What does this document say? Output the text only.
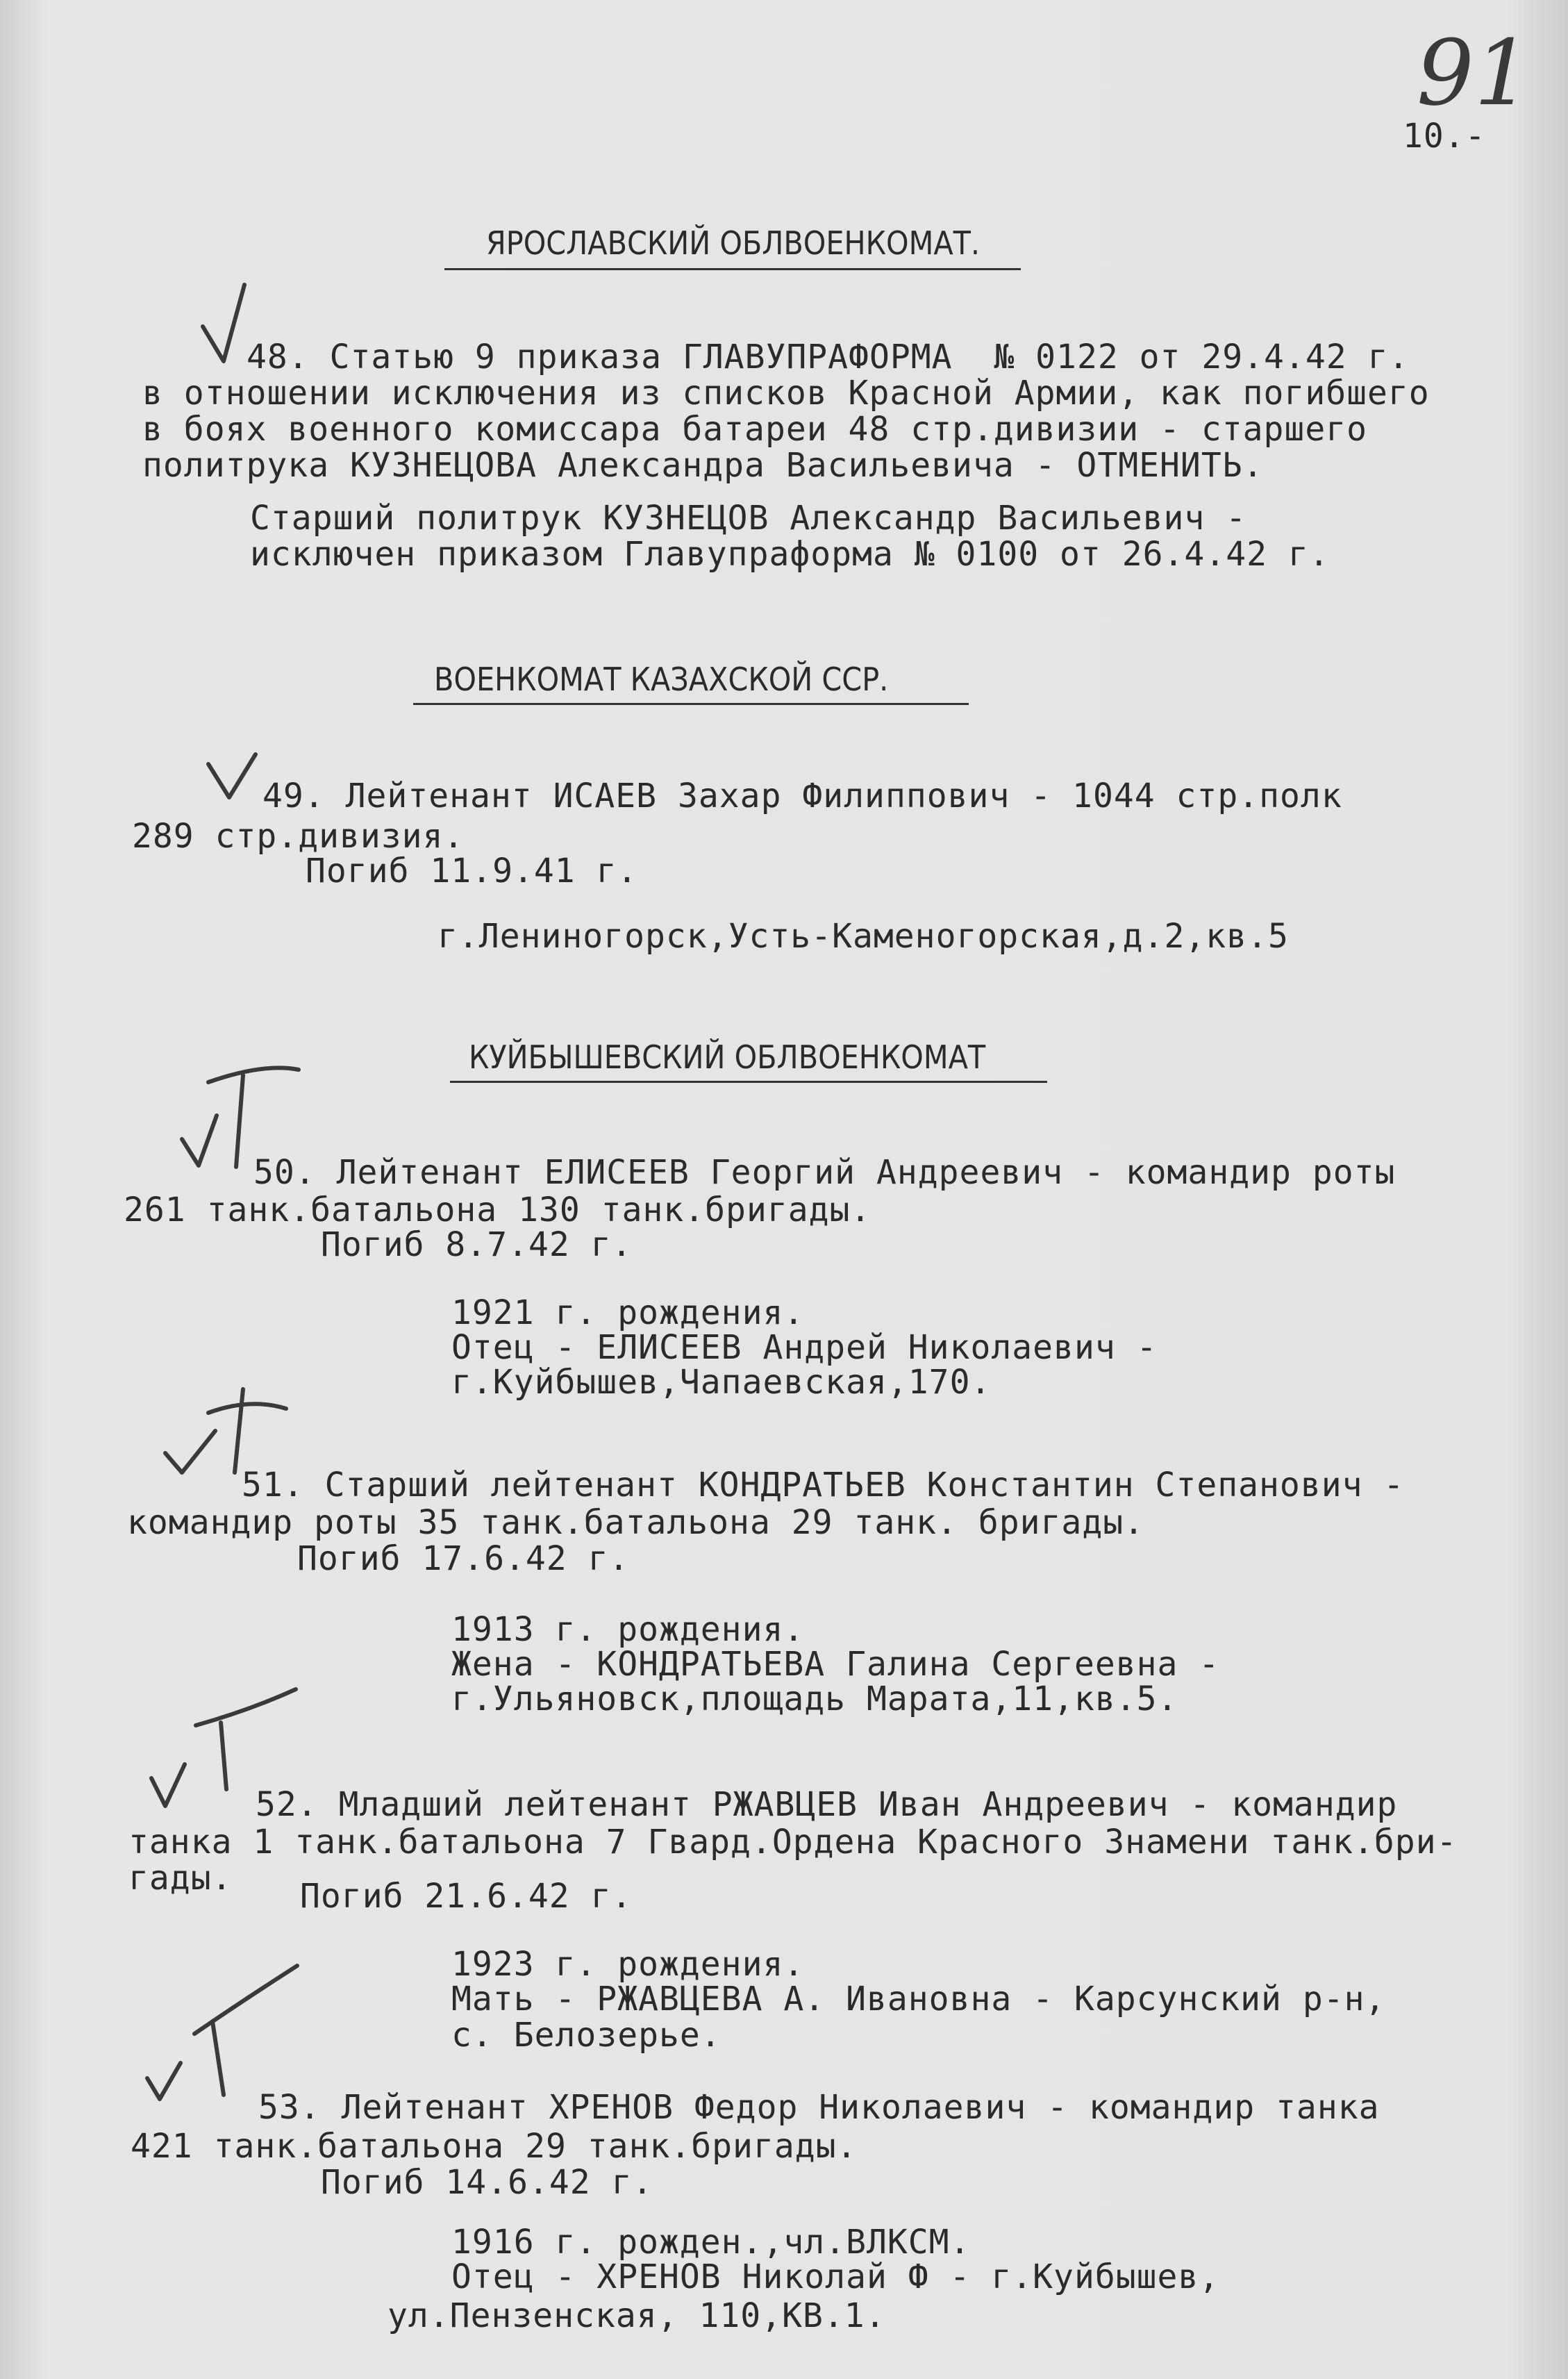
91
10.-
ЯРОСЛАВСКИЙ ОБЛВОЕНКОМАТ.
48. Статью 9 приказа ГЛАВУПРАФОРМА  № 0122 от 29.4.42 г.
в отношении исключения из списков Красной Армии, как погибшего
в боях военного комиссара батареи 48 стр.дивизии - старшего
политрука КУЗНЕЦОВА Александра Васильевича - ОТМЕНИТЬ.
Старший политрук КУЗНЕЦОВ Александр Васильевич -
исключен приказом Главупраформа № 0100 от 26.4.42 г.
ВОЕНКОМАТ КАЗАХСКОЙ ССР.
49. Лейтенант ИСАЕВ Захар Филиппович - 1044 стр.полк
289 стр.дивизия.
Погиб 11.9.41 г.
г.Лениногорск,Усть-Каменогорская,д.2,кв.5
КУЙБЫШЕВСКИЙ ОБЛВОЕНКОМАТ
50. Лейтенант ЕЛИСЕЕВ Георгий Андреевич - командир роты
261 танк.батальона 130 танк.бригады.
Погиб 8.7.42 г.
1921 г. рождения.
Отец - ЕЛИСЕЕВ Андрей Николаевич -
г.Куйбышев,Чапаевская,170.
51. Старший лейтенант КОНДРАТЬЕВ Константин Степанович -
командир роты 35 танк.батальона 29 танк. бригады.
Погиб 17.6.42 г.
1913 г. рождения.
Жена - КОНДРАТЬЕВА Галина Сергеевна -
г.Ульяновск,площадь Марата,11,кв.5.
52. Младший лейтенант РЖАВЦЕВ Иван Андреевич - командир
танка 1 танк.батальона 7 Гвард.Ордена Красного Знамени танк.бри-
гады. Погиб 21.6.42 г.
1923 г. рождения.
Мать - РЖАВЦЕВА А. Ивановна - Карсунский р-н,
с. Белозерье.
53. Лейтенант ХРЕНОВ Федор Николаевич - командир танка
421 танк.батальона 29 танк.бригады.
Погиб 14.6.42 г.
1916 г. рожден.,чл.ВЛКСМ.
Отец - ХРЕНОВ Николай Ф - г.Куйбышев,
ул.Пензенская, 110,КВ.1.
